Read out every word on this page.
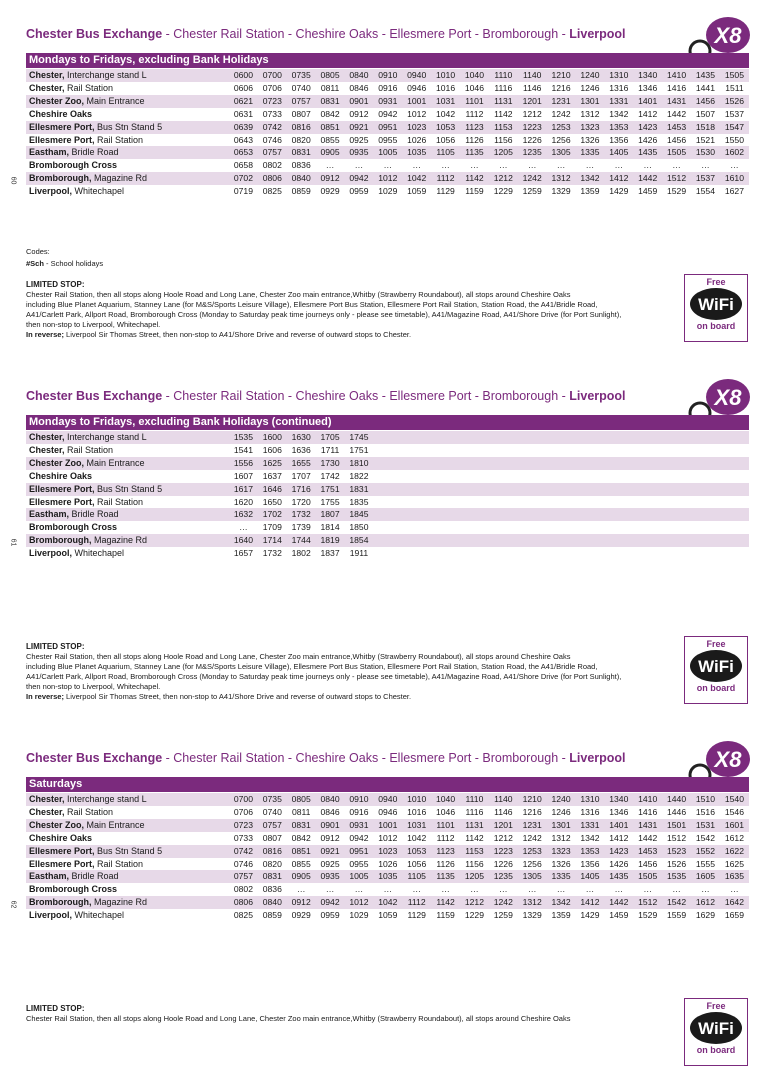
Chester Bus Exchange - Chester Rail Station - Cheshire Oaks - Ellesmere Port - Bromborough - Liverpool	X8
Mondays to Fridays, excluding Bank Holidays
Chester, Interchange stand L	0600	0700	0735	0805	0840	0910	0940	1010	1040	1110	1140	1210	1240	1310	1340	1410	1435	1505
Chester, Rail Station	0606	0706	0740	0811	0846	0916	0946	1016	1046	1116	1146	1216	1246	1316	1346	1416	1441	1511
Chester Zoo, Main Entrance	0621	0723	0757	0831	0901	0931	1001	1031	1101	1131	1201	1231	1301	1331	1401	1431	1456	1526
Cheshire Oaks	0631	0733	0807	0842	0912	0942	1012	1042	1112	1142	1212	1242	1312	1342	1412	1442	1507	1537
Ellesmere Port, Bus Stn Stand 5	0639	0742	0816	0851	0921	0951	1023	1053	1123	1153	1223	1253	1323	1353	1423	1453	1518	1547
Ellesmere Port, Rail Station	0643	0746	0820	0855	0925	0955	1026	1056	1126	1156	1226	1256	1326	1356	1426	1456	1521	1550
Eastham, Bridle Road	0653	0757	0831	0905	0935	1005	1035	1105	1135	1205	1235	1305	1335	1405	1435	1505	1530	1602
Bromborough Cross	0658	0802	0836	…	…	…	…	…	…	…	…	…	…	…	…	…	…	…
Bromborough, Magazine Rd	0702	0806	0840	0912	0942	1012	1042	1112	1142	1212	1242	1312	1342	1412	1442	1512	1537	1610
Liverpool, Whitechapel	0719	0825	0859	0929	0959	1029	1059	1129	1159	1229	1259	1329	1359	1429	1459	1529	1554	1627
60
Codes:
#Sch - School holidays
LIMITED STOP:
Chester Rail Station, then all stops along Hoole Road and Long Lane, Chester Zoo main entrance,Whitby (Strawberry Roundabout), all stops around Cheshire Oaks
including Blue Planet Aquarium, Stanney Lane (for M&S/Sports Leisure Village), Ellesmere Port Bus Station, Ellesmere Port Rail Station, Station Road, the A41/Bridle Road,
A41/Carlett Park, Allport Road, Bromborough Cross (Monday to Saturday peak time journeys only - please see timetable), A41/Magazine Road, A41/Shore Drive (for Port Sunlight),
then non-stop to Liverpool, Whitechapel.
In reverse; Liverpool Sir Thomas Street, then non-stop to A41/Shore Drive and reverse of outward stops to Chester.
Free
WiFi
on board
Chester Bus Exchange - Chester Rail Station - Cheshire Oaks - Ellesmere Port - Bromborough - Liverpool	X8
Mondays to Fridays, excluding Bank Holidays (continued)
Chester, Interchange stand L	1535	1600	1630	1705	1745													
Chester, Rail Station	1541	1606	1636	1711	1751													
Chester Zoo, Main Entrance	1556	1625	1655	1730	1810													
Cheshire Oaks	1607	1637	1707	1742	1822													
Ellesmere Port, Bus Stn Stand 5	1617	1646	1716	1751	1831													
Ellesmere Port, Rail Station	1620	1650	1720	1755	1835													
Eastham, Bridle Road	1632	1702	1732	1807	1845													
Bromborough Cross	…	1709	1739	1814	1850													
Bromborough, Magazine Rd	1640	1714	1744	1819	1854													
Liverpool, Whitechapel	1657	1732	1802	1837	1911													
61
LIMITED STOP:
Chester Rail Station, then all stops along Hoole Road and Long Lane, Chester Zoo main entrance,Whitby (Strawberry Roundabout), all stops around Cheshire Oaks
including Blue Planet Aquarium, Stanney Lane (for M&S/Sports Leisure Village), Ellesmere Port Bus Station, Ellesmere Port Rail Station, Station Road, the A41/Bridle Road,
A41/Carlett Park, Allport Road, Bromborough Cross (Monday to Saturday peak time journeys only - please see timetable), A41/Magazine Road, A41/Shore Drive (for Port Sunlight),
then non-stop to Liverpool, Whitechapel.
In reverse; Liverpool Sir Thomas Street, then non-stop to A41/Shore Drive and reverse of outward stops to Chester.
Free
WiFi
on board
Chester Bus Exchange - Chester Rail Station - Cheshire Oaks - Ellesmere Port - Bromborough - Liverpool	X8
Saturdays
Chester, Interchange stand L	0700	0735	0805	0840	0910	0940	1010	1040	1110	1140	1210	1240	1310	1340	1410	1440	1510	1540
Chester, Rail Station	0706	0740	0811	0846	0916	0946	1016	1046	1116	1146	1216	1246	1316	1346	1416	1446	1516	1546
Chester Zoo, Main Entrance	0723	0757	0831	0901	0931	1001	1031	1101	1131	1201	1231	1301	1331	1401	1431	1501	1531	1601
Cheshire Oaks	0733	0807	0842	0912	0942	1012	1042	1112	1142	1212	1242	1312	1342	1412	1442	1512	1542	1612
Ellesmere Port, Bus Stn Stand 5	0742	0816	0851	0921	0951	1023	1053	1123	1153	1223	1253	1323	1353	1423	1453	1523	1552	1622
Ellesmere Port, Rail Station	0746	0820	0855	0925	0955	1026	1056	1126	1156	1226	1256	1326	1356	1426	1456	1526	1555	1625
Eastham, Bridle Road	0757	0831	0905	0935	1005	1035	1105	1135	1205	1235	1305	1335	1405	1435	1505	1535	1605	1635
Bromborough Cross	0802	0836	…	…	…	…	…	…	…	…	…	…	…	…	…	…	…	…
Bromborough, Magazine Rd	0806	0840	0912	0942	1012	1042	1112	1142	1212	1242	1312	1342	1412	1442	1512	1542	1612	1642
Liverpool, Whitechapel	0825	0859	0929	0959	1029	1059	1129	1159	1229	1259	1329	1359	1429	1459	1529	1559	1629	1659
62
LIMITED STOP:
Chester Rail Station, then all stops along Hoole Road and Long Lane, Chester Zoo main entrance,Whitby (Strawberry Roundabout), all stops around Cheshire Oaks
Free
WiFi
on board
